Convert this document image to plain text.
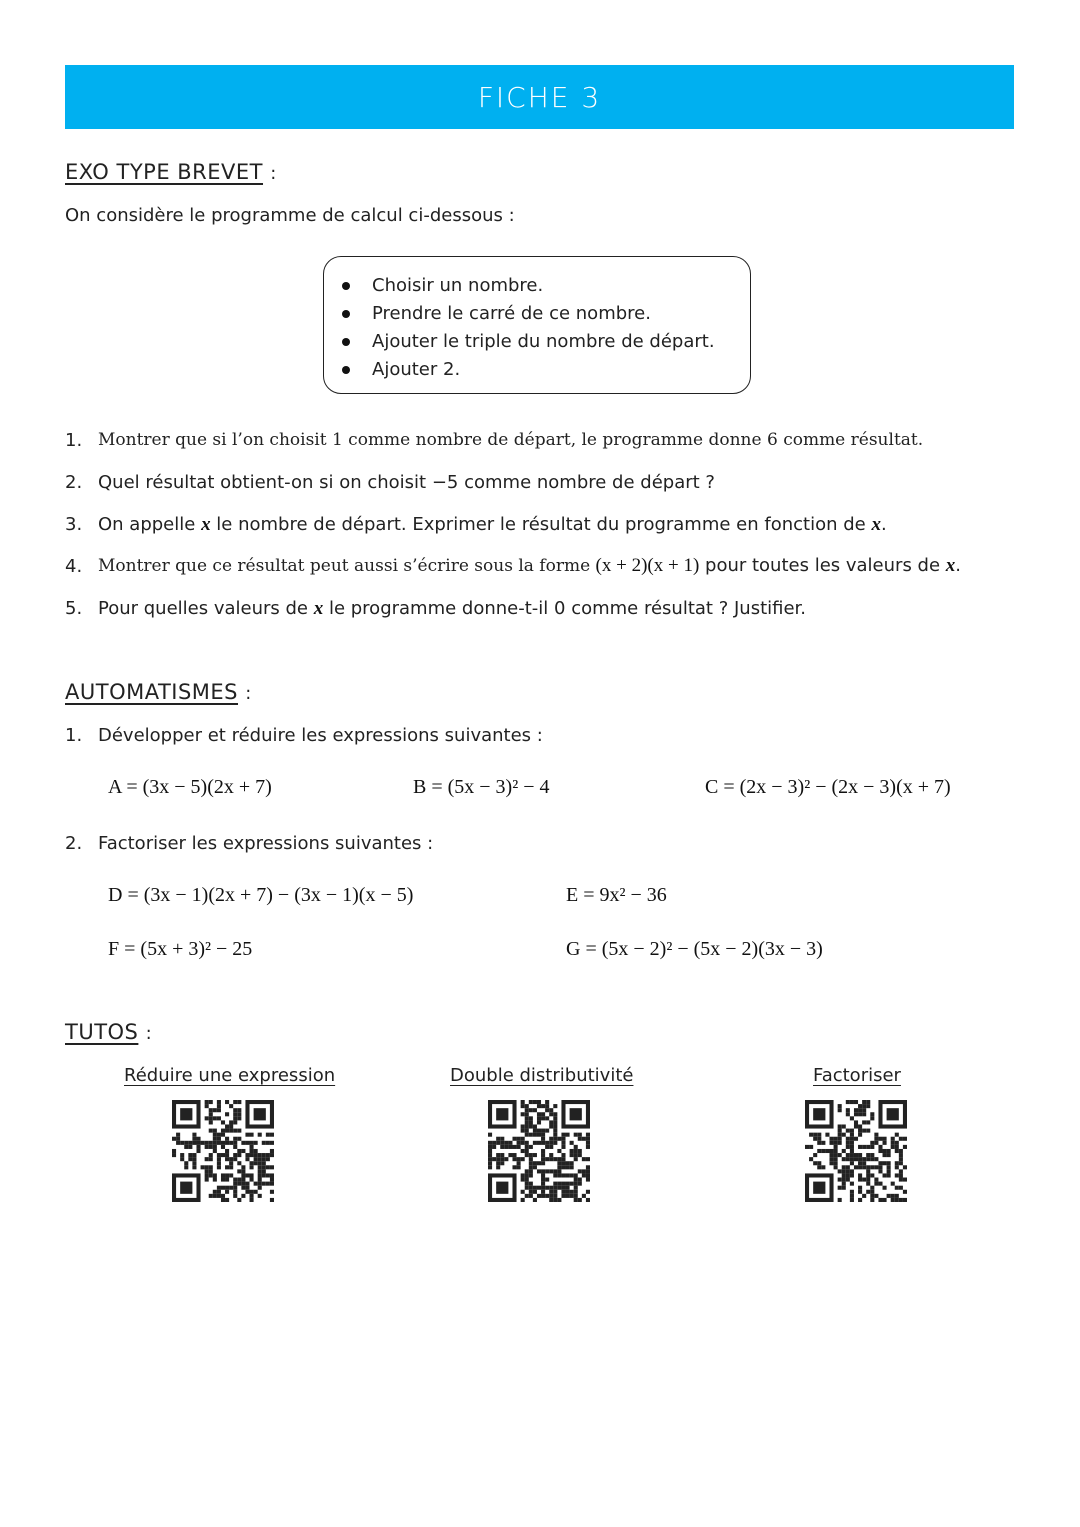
FICHE 3
EXO TYPE BREVET :
On considère le programme de calcul ci-dessous :
Choisir un nombre.
Prendre le carré de ce nombre.
Ajouter le triple du nombre de départ.
Ajouter 2.
1. Montrer que si l’on choisit 1 comme nombre de départ, le programme donne 6 comme résultat.
2. Quel résultat obtient-on si on choisit −5 comme nombre de départ ?
3. On appelle x le nombre de départ. Exprimer le résultat du programme en fonction de x.
4. Montrer que ce résultat peut aussi s’écrire sous la forme (x + 2)(x + 1) pour toutes les valeurs de x.
5. Pour quelles valeurs de x le programme donne-t-il 0 comme résultat ? Justifier.
AUTOMATISMES :
1. Développer et réduire les expressions suivantes :
A = (3x − 5)(2x + 7)	B = (5x − 3)² − 4	C = (2x − 3)² − (2x − 3)(x + 7)
2. Factoriser les expressions suivantes :
D = (3x − 1)(2x + 7) − (3x − 1)(x − 5)	E = 9x² − 36
F = (5x + 3)² − 25	G = (5x − 2)² − (5x − 2)(3x − 3)
TUTOS :
Réduire une expression	Double distributivité	Factoriser
